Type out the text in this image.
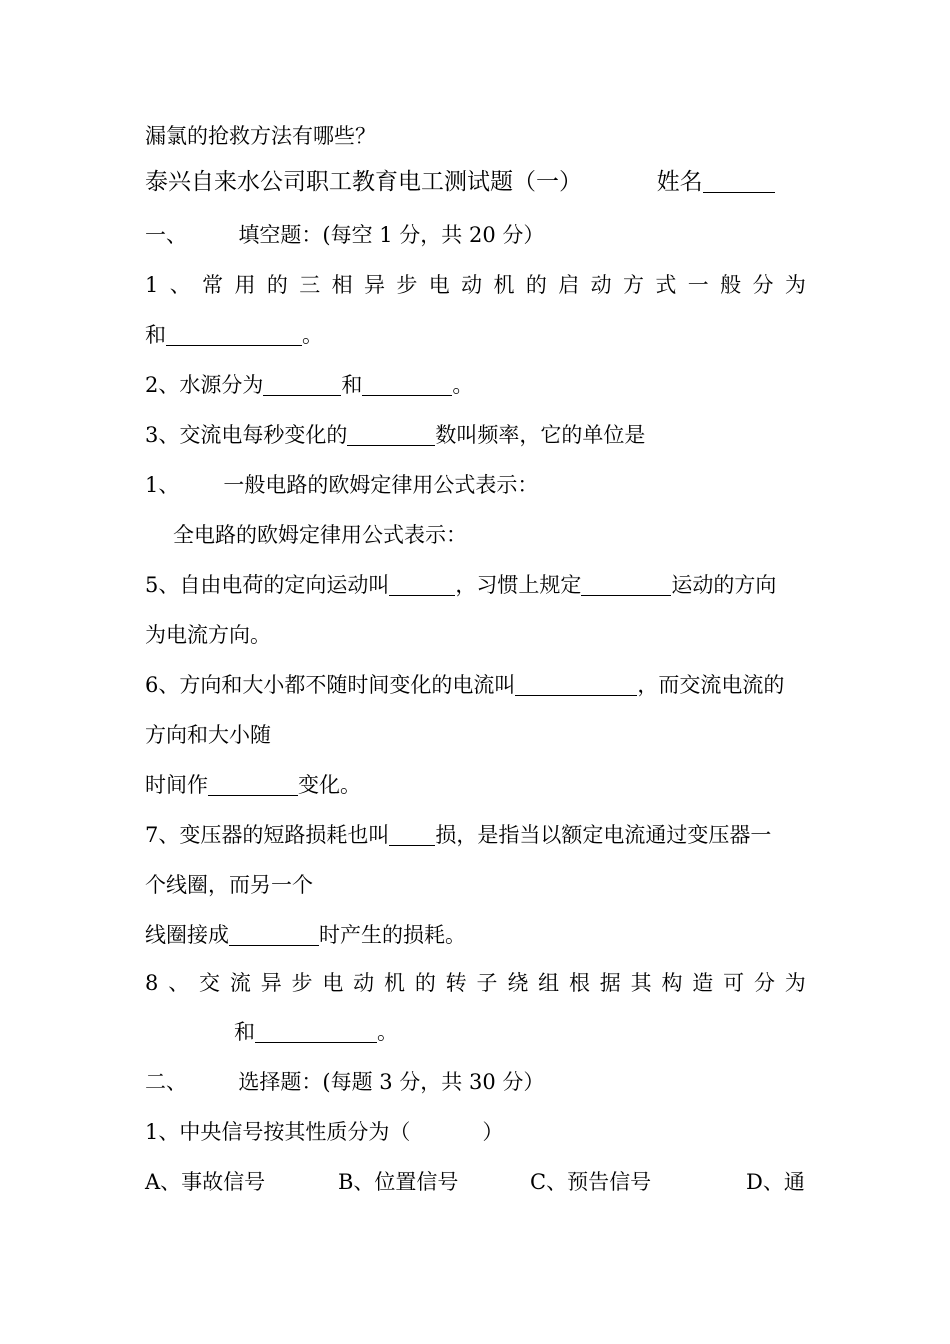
漏氯的抢救方法有哪些？
泰兴自来水公司职工教育电工测试题（一）	姓名
一、 填空题：(每空 1 分，共 20 分）
1 、 常 用 的 三 相 异 步 电 动 机 的 启 动 方 式 一 般 分 为
和	。
2、水源分为	和	。
3、交流电每秒变化的	数叫频率，它的单位是
1、 一般电路的欧姆定律用公式表示：
全电路的欧姆定律用公式表示：
5、自由电荷的定向运动叫	，习惯上规定	运动的方向
为电流方向。
6、方向和大小都不随时间变化的电流叫	，而交流电流的
方向和大小随
时间作	变化。
7、变压器的短路损耗也叫 损，是指当以额定电流通过变压器一
个线圈，而另一个
线圈接成	时产生的损耗。
8 、 交 流 异 步 电 动 机 的 转 子 绕 组 根 据 其 构 造 可 分 为
和	。
二、 选择题：(每题 3 分，共 30 分）
1、中央信号按其性质分为（	）
A、事故信号	B、位置信号	C、预告信号	D、通
